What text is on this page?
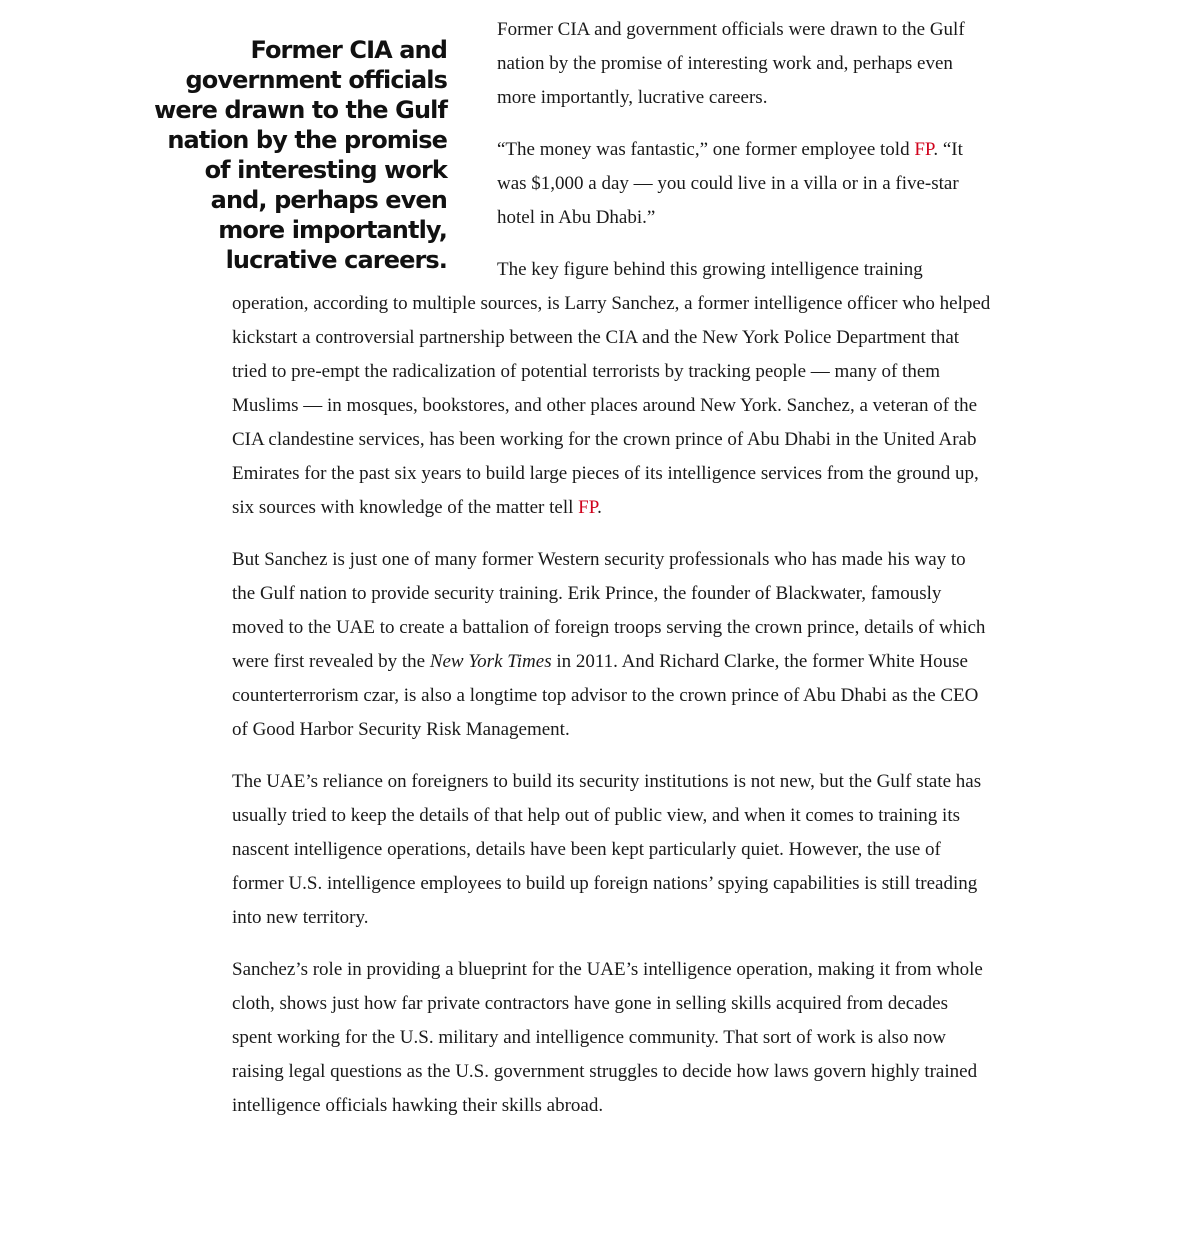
Former CIA and government officials were drawn to the Gulf nation by the promise of interesting work and, perhaps even more importantly, lucrative careers.

Former CIA and government officials were drawn to the Gulf nation by the promise of interesting work and, perhaps even more importantly, lucrative careers.

“The money was fantastic,” one former employee told FP. “It was $1,000 a day — you could live in a villa or in a five-star hotel in Abu Dhabi.”

The key figure behind this growing intelligence training operation, according to multiple sources, is Larry Sanchez, a former intelligence officer who helped kickstart a controversial partnership between the CIA and the New York Police Department that tried to pre-empt the radicalization of potential terrorists by tracking people — many of them Muslims — in mosques, bookstores, and other places around New York. Sanchez, a veteran of the CIA clandestine services, has been working for the crown prince of Abu Dhabi in the United Arab Emirates for the past six years to build large pieces of its intelligence services from the ground up, six sources with knowledge of the matter tell FP.

But Sanchez is just one of many former Western security professionals who has made his way to the Gulf nation to provide security training. Erik Prince, the founder of Blackwater, famously moved to the UAE to create a battalion of foreign troops serving the crown prince, details of which were first revealed by the New York Times in 2011. And Richard Clarke, the former White House counterterrorism czar, is also a longtime top advisor to the crown prince of Abu Dhabi as the CEO of Good Harbor Security Risk Management.

The UAE’s reliance on foreigners to build its security institutions is not new, but the Gulf state has usually tried to keep the details of that help out of public view, and when it comes to training its nascent intelligence operations, details have been kept particularly quiet. However, the use of former U.S. intelligence employees to build up foreign nations’ spying capabilities is still treading into new territory.

Sanchez’s role in providing a blueprint for the UAE’s intelligence operation, making it from whole cloth, shows just how far private contractors have gone in selling skills acquired from decades spent working for the U.S. military and intelligence community. That sort of work is also now raising legal questions as the U.S. government struggles to decide how laws govern highly trained intelligence officials hawking their skills abroad.
